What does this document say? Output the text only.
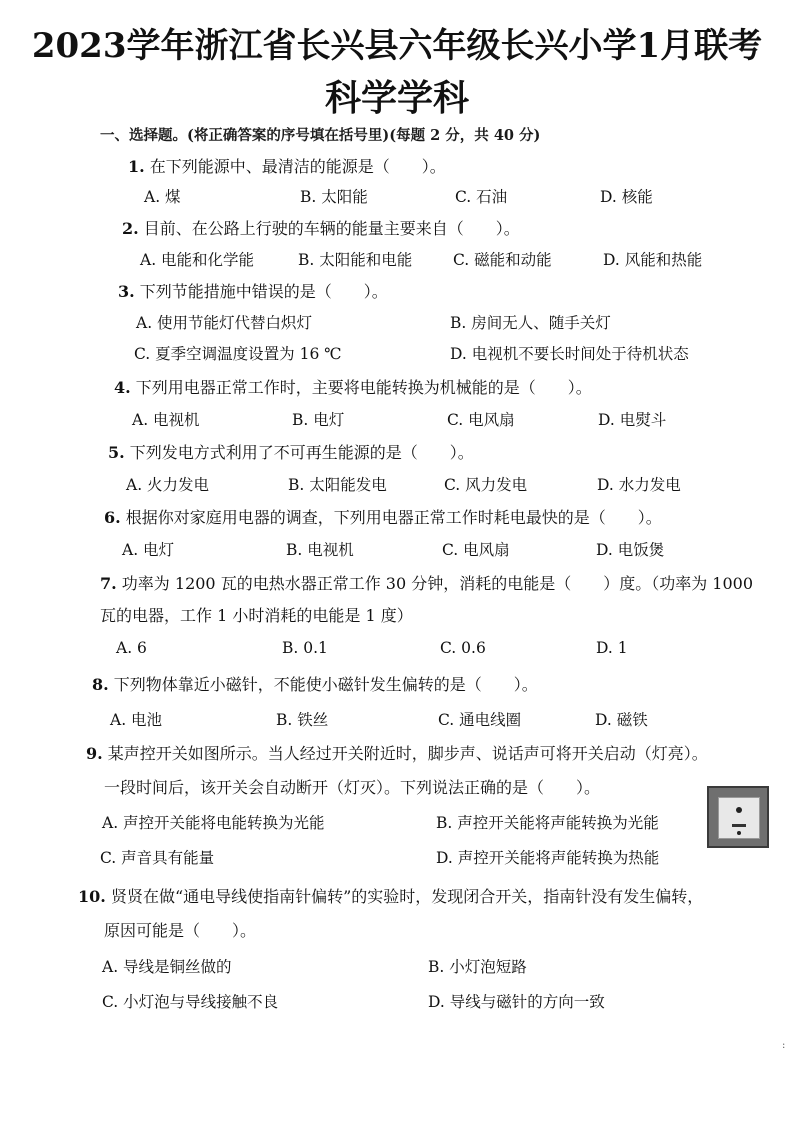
2023学年浙江省长兴县六年级长兴小学1月联考
科学学科
一、选择题。(将正确答案的序号填在括号里)(每题 2 分，共 40 分)
1. 在下列能源中、最清洁的能源是（　　）。
A. 煤	B. 太阳能	C. 石油	D. 核能
2. 目前、在公路上行驶的车辆的能量主要来自（　　）。
A. 电能和化学能	B. 太阳能和电能	C. 磁能和动能	D. 风能和热能
3. 下列节能措施中错误的是（　　）。
A. 使用节能灯代替白炽灯	B. 房间无人、随手关灯
C. 夏季空调温度设置为 16 ℃	D. 电视机不要长时间处于待机状态
4. 下列用电器正常工作时，主要将电能转换为机械能的是（　　）。
A. 电视机	B. 电灯	C. 电风扇	D. 电熨斗
5. 下列发电方式利用了不可再生能源的是（　　）。
A. 火力发电	B. 太阳能发电	C. 风力发电	D. 水力发电
6. 根据你对家庭用电器的调查，下列用电器正常工作时耗电最快的是（　　）。
A. 电灯	B. 电视机	C. 电风扇	D. 电饭煲
7. 功率为 1200 瓦的电热水器正常工作 30 分钟，消耗的电能是（　　）度。（功率为 1000
瓦的电器，工作 1 小时消耗的电能是 1 度）
A. 6	B. 0.1	C. 0.6	D. 1
8. 下列物体靠近小磁针，不能使小磁针发生偏转的是（　　）。
A. 电池	B. 铁丝	C. 通电线圈	D. 磁铁
9. 某声控开关如图所示。当人经过开关附近时，脚步声、说话声可将开关启动（灯亮）。
一段时间后，该开关会自动断开（灯灭）。下列说法正确的是（　　）。
A. 声控开关能将电能转换为光能	B. 声控开关能将声能转换为光能
C. 声音具有能量	D. 声控开关能将声能转换为热能
10. 贤贤在做“通电导线使指南针偏转”的实验时，发现闭合开关，指南针没有发生偏转，
原因可能是（　　）。
A. 导线是铜丝做的	B. 小灯泡短路
C. 小灯泡与导线接触不良	D. 导线与磁针的方向一致
:
